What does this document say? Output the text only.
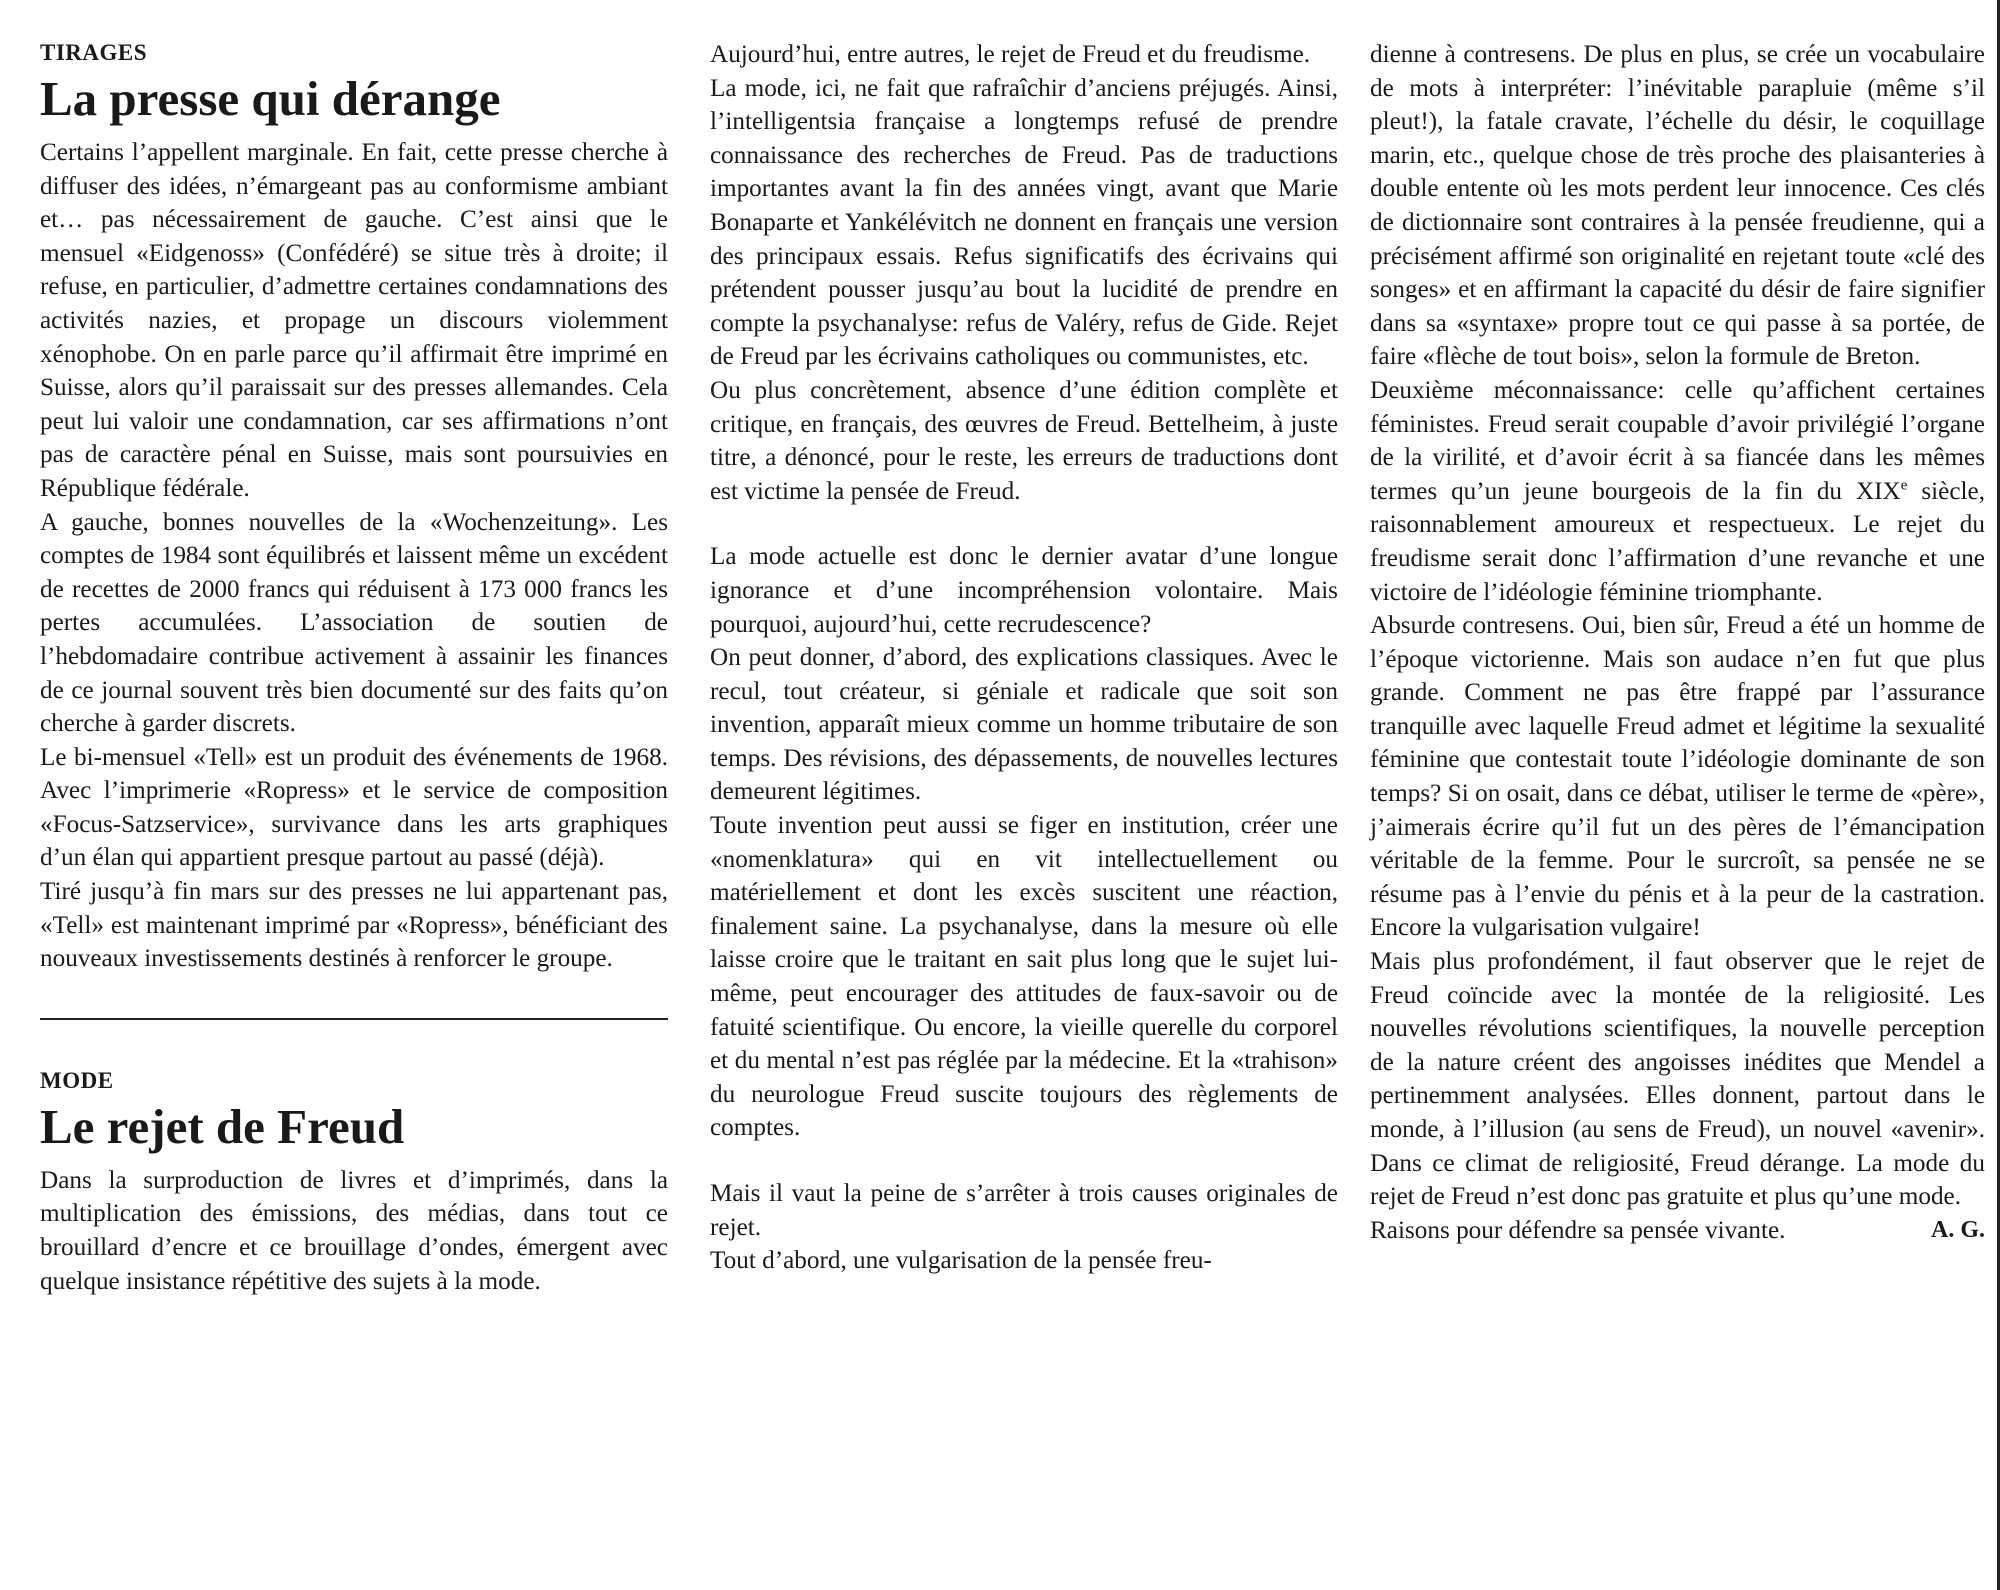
TIRAGES
La presse qui dérange

Certains l’appellent marginale. En fait, cette presse cherche à diffuser des idées, n’émargeant pas au conformisme ambiant et… pas nécessairement de gauche. C’est ainsi que le mensuel «Eidgenoss» (Confédéré) se situe très à droite; il refuse, en particulier, d’admettre certaines condamnations des activités nazies, et propage un discours violemment xénophobe. On en parle parce qu’il affirmait être imprimé en Suisse, alors qu’il paraissait sur des presses allemandes. Cela peut lui valoir une condamnation, car ses affirmations n’ont pas de caractère pénal en Suisse, mais sont poursuivies en République fédérale.

A gauche, bonnes nouvelles de la «Wochenzeitung». Les comptes de 1984 sont équilibrés et laissent même un excédent de recettes de 2000 francs qui réduisent à 173 000 francs les pertes accumulées. L’association de soutien de l’hebdomadaire contribue activement à assainir les finances de ce journal souvent très bien documenté sur des faits qu’on cherche à garder discrets.

Le bi-mensuel «Tell» est un produit des événements de 1968. Avec l’imprimerie «Ropress» et le service de composition «Focus-Satzservice», survivance dans les arts graphiques d’un élan qui appartient presque partout au passé (déjà).

Tiré jusqu’à fin mars sur des presses ne lui appartenant pas, «Tell» est maintenant imprimé par «Ropress», bénéficiant des nouveaux investissements destinés à renforcer le groupe.

MODE
Le rejet de Freud

Dans la surproduction de livres et d’imprimés, dans la multiplication des émissions, des médias, dans tout ce brouillard d’encre et ce brouillage d’ondes, émergent avec quelque insistance répétitive des sujets à la mode.

Aujourd’hui, entre autres, le rejet de Freud et du freudisme.

La mode, ici, ne fait que rafraîchir d’anciens préjugés. Ainsi, l’intelligentsia française a longtemps refusé de prendre connaissance des recherches de Freud. Pas de traductions importantes avant la fin des années vingt, avant que Marie Bonaparte et Yankélévitch ne donnent en français une version des principaux essais. Refus significatifs des écrivains qui prétendent pousser jusqu’au bout la lucidité de prendre en compte la psychanalyse: refus de Valéry, refus de Gide. Rejet de Freud par les écrivains catholiques ou communistes, etc.

Ou plus concrètement, absence d’une édition complète et critique, en français, des œuvres de Freud. Bettelheim, à juste titre, a dénoncé, pour le reste, les erreurs de traductions dont est victime la pensée de Freud.

La mode actuelle est donc le dernier avatar d’une longue ignorance et d’une incompréhension volontaire. Mais pourquoi, aujourd’hui, cette recrudescence?

On peut donner, d’abord, des explications classiques. Avec le recul, tout créateur, si géniale et radicale que soit son invention, apparaît mieux comme un homme tributaire de son temps. Des révisions, des dépassements, de nouvelles lectures demeurent légitimes.

Toute invention peut aussi se figer en institution, créer une «nomenklatura» qui en vit intellectuellement ou matériellement et dont les excès suscitent une réaction, finalement saine. La psychanalyse, dans la mesure où elle laisse croire que le traitant en sait plus long que le sujet lui-même, peut encourager des attitudes de faux-savoir ou de fatuité scientifique. Ou encore, la vieille querelle du corporel et du mental n’est pas réglée par la médecine. Et la «trahison» du neurologue Freud suscite toujours des règlements de comptes.

Mais il vaut la peine de s’arrêter à trois causes originales de rejet.

Tout d’abord, une vulgarisation de la pensée freu-

dienne à contresens. De plus en plus, se crée un vocabulaire de mots à interpréter: l’inévitable parapluie (même s’il pleut!), la fatale cravate, l’échelle du désir, le coquillage marin, etc., quelque chose de très proche des plaisanteries à double entente où les mots perdent leur innocence. Ces clés de dictionnaire sont contraires à la pensée freudienne, qui a précisément affirmé son originalité en rejetant toute «clé des songes» et en affirmant la capacité du désir de faire signifier dans sa «syntaxe» propre tout ce qui passe à sa portée, de faire «flèche de tout bois», selon la formule de Breton.

Deuxième méconnaissance: celle qu’affichent certaines féministes. Freud serait coupable d’avoir privilégié l’organe de la virilité, et d’avoir écrit à sa fiancée dans les mêmes termes qu’un jeune bourgeois de la fin du XIXe siècle, raisonnablement amoureux et respectueux. Le rejet du freudisme serait donc l’affirmation d’une revanche et une victoire de l’idéologie féminine triomphante.

Absurde contresens. Oui, bien sûr, Freud a été un homme de l’époque victorienne. Mais son audace n’en fut que plus grande. Comment ne pas être frappé par l’assurance tranquille avec laquelle Freud admet et légitime la sexualité féminine que contestait toute l’idéologie dominante de son temps? Si on osait, dans ce débat, utiliser le terme de «père», j’aimerais écrire qu’il fut un des pères de l’émancipation véritable de la femme. Pour le surcroît, sa pensée ne se résume pas à l’envie du pénis et à la peur de la castration. Encore la vulgarisation vulgaire!

Mais plus profondément, il faut observer que le rejet de Freud coïncide avec la montée de la religiosité. Les nouvelles révolutions scientifiques, la nouvelle perception de la nature créent des angoisses inédites que Mendel a pertinemment analysées. Elles donnent, partout dans le monde, à l’illusion (au sens de Freud), un nouvel «avenir». Dans ce climat de religiosité, Freud dérange. La mode du rejet de Freud n’est donc pas gratuite et plus qu’une mode.

Raisons pour défendre sa pensée vivante.	A. G.
